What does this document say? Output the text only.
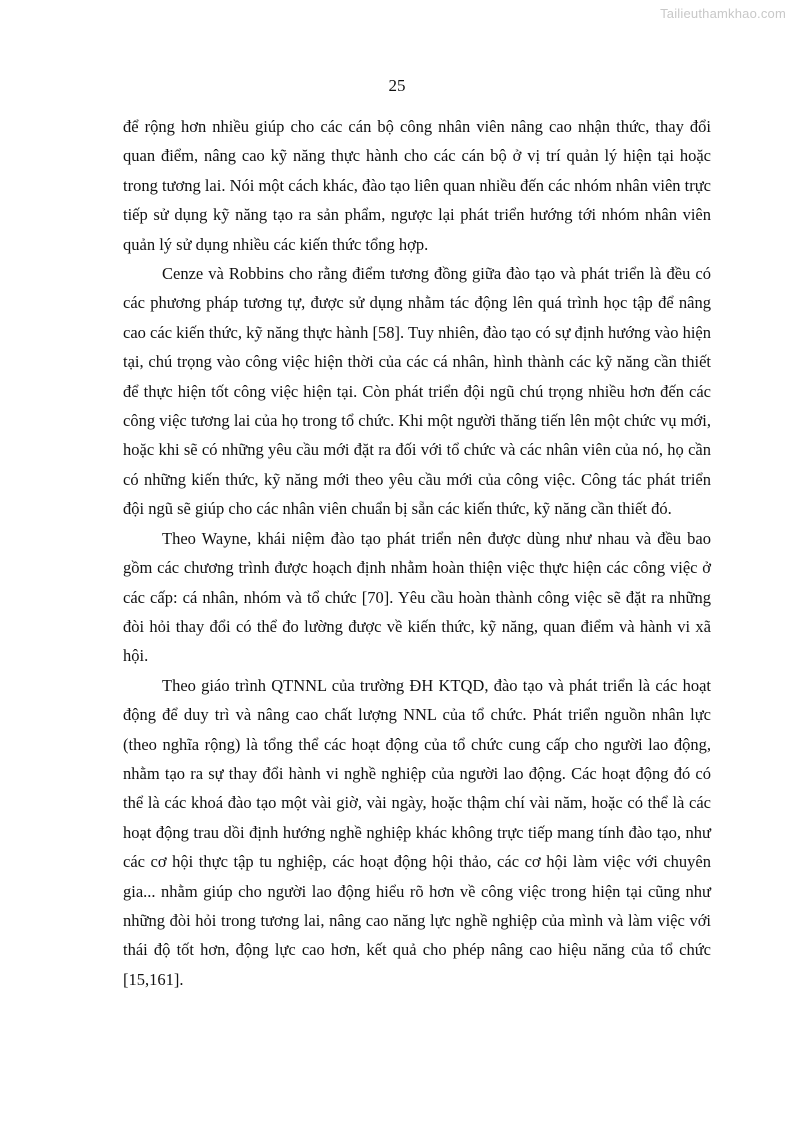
Tailieuthamkhao.com
25

để rộng hơn nhiều giúp cho các cán bộ công nhân viên nâng cao nhận thức, thay đổi quan điểm, nâng cao kỹ năng thực hành cho các cán bộ ở vị trí quản lý hiện tại hoặc trong tương lai. Nói một cách khác, đào tạo liên quan nhiều đến các nhóm nhân viên trực tiếp sử dụng kỹ năng tạo ra sản phẩm, ngược lại phát triển hướng tới nhóm nhân viên quản lý sử dụng nhiều các kiến thức tổng hợp.

Cenze và Robbins cho rằng điểm tương đồng giữa đào tạo và phát triển là đều có các phương pháp tương tự, được sử dụng nhằm tác động lên quá trình học tập để nâng cao các kiến thức, kỹ năng thực hành [58]. Tuy nhiên, đào tạo có sự định hướng vào hiện tại, chú trọng vào công việc hiện thời của các cá nhân, hình thành các kỹ năng cần thiết để thực hiện tốt công việc hiện tại. Còn phát triển đội ngũ chú trọng nhiều hơn đến các công việc tương lai của họ trong tổ chức. Khi một người thăng tiến lên một chức vụ mới, hoặc khi sẽ có những yêu cầu mới đặt ra đối với tổ chức và các nhân viên của nó, họ cần có những kiến thức, kỹ năng mới theo yêu cầu mới của công việc. Công tác phát triển đội ngũ sẽ giúp cho các nhân viên chuẩn bị sẵn các kiến thức, kỹ năng cần thiết đó.

Theo Wayne, khái niệm đào tạo phát triển nên được dùng như nhau và đều bao gồm các chương trình được hoạch định nhằm hoàn thiện việc thực hiện các công việc ở các cấp: cá nhân, nhóm và tổ chức [70]. Yêu cầu hoàn thành công việc sẽ đặt ra những đòi hỏi thay đổi có thể đo lường được về kiến thức, kỹ năng, quan điểm và hành vi xã hội.

Theo giáo trình QTNNL của trường ĐH KTQD, đào tạo và phát triển là các hoạt động để duy trì và nâng cao chất lượng NNL của tổ chức. Phát triển nguồn nhân lực (theo nghĩa rộng) là tổng thể các hoạt động của tổ chức cung cấp cho người lao động, nhằm tạo ra sự thay đổi hành vi nghề nghiệp của người lao động. Các hoạt động đó có thể là các khoá đào tạo một vài giờ, vài ngày, hoặc thậm chí vài năm, hoặc có thể là các hoạt động trau dồi định hướng nghề nghiệp khác không trực tiếp mang tính đào tạo, như các cơ hội thực tập tu nghiệp, các hoạt động hội thảo, các cơ hội làm việc với chuyên gia... nhằm giúp cho người lao động hiểu rõ hơn về công việc trong hiện tại cũng như những đòi hỏi trong tương lai, nâng cao năng lực nghề nghiệp của mình và làm việc với thái độ tốt hơn, động lực cao hơn, kết quả cho phép nâng cao hiệu năng của tổ chức [15,161].
